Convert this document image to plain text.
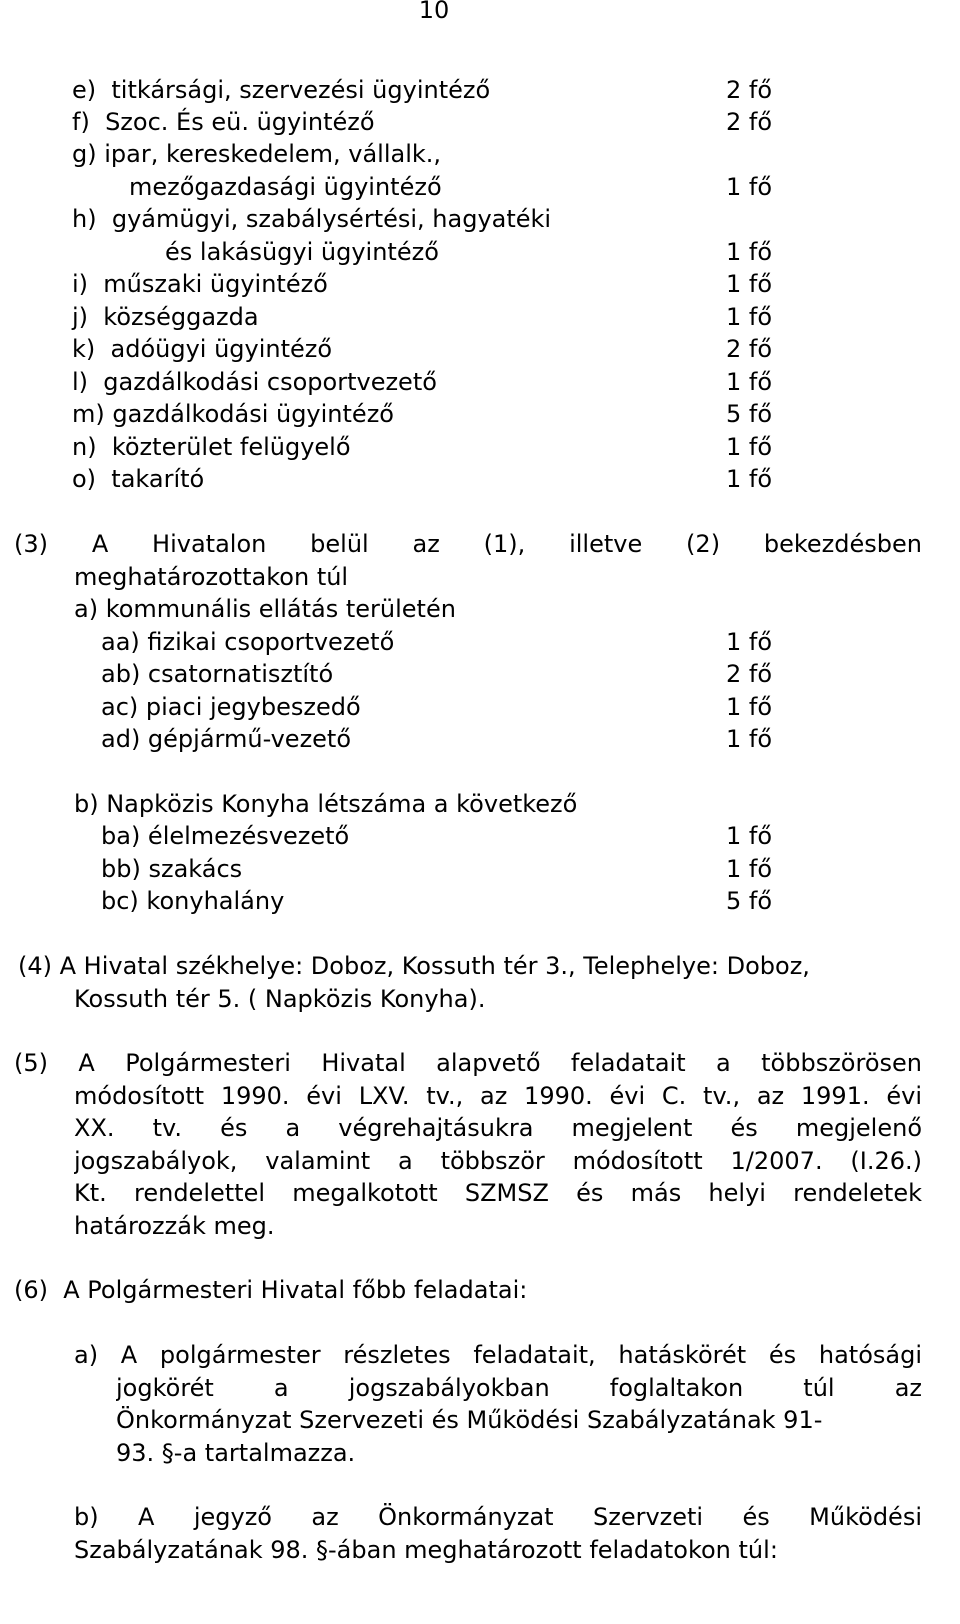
10
e)  titkársági, szervezési ügyintéző	2 fő
f)  Szoc. És eü. ügyintéző	2 fő
g) ipar, kereskedelem, vállalk.,
mezőgazdasági ügyintéző	1 fő
h)  gyámügyi, szabálysértési, hagyatéki
és lakásügyi ügyintéző	1 fő
i)  műszaki ügyintéző	1 fő
j)  községgazda	1 fő
k)  adóügyi ügyintéző	2 fő
l)  gazdálkodási csoportvezető	1 fő
m) gazdálkodási ügyintéző	5 fő
n)  közterület felügyelő	1 fő
o)  takarító	1 fő
(3) A Hivatalon belül az (1), illetve (2) bekezdésben
meghatározottakon túl
a) kommunális ellátás területén
aa) fizikai csoportvezető	1 fő
ab) csatornatisztító	2 fő
ac) piaci jegybeszedő	1 fő
ad) gépjármű-vezető	1 fő
b) Napközis Konyha létszáma a következő
ba) élelmezésvezető	1 fő
bb) szakács	1 fő
bc) konyhalány	5 fő
(4) A Hivatal székhelye: Doboz, Kossuth tér 3., Telephelye: Doboz,
Kossuth tér 5. ( Napközis Konyha).
(5) A Polgármesteri Hivatal alapvető feladatait a többszörösen
módosított 1990. évi LXV. tv., az 1990. évi C. tv., az 1991. évi
XX. tv. és a végrehajtásukra megjelent és megjelenő
jogszabályok, valamint a többször módosított 1/2007. (I.26.)
Kt. rendelettel megalkotott SZMSZ és más helyi rendeletek
határozzák meg.
(6)  A Polgármesteri Hivatal főbb feladatai:
a) A polgármester részletes feladatait, hatáskörét és hatósági
jogkörét a jogszabályokban foglaltakon túl az
Önkormányzat Szervezeti és Működési Szabályzatának 91-
93. §-a tartalmazza.
b) A jegyző az Önkormányzat Szervzeti és Működési
Szabályzatának 98. §-ában meghatározott feladatokon túl:
